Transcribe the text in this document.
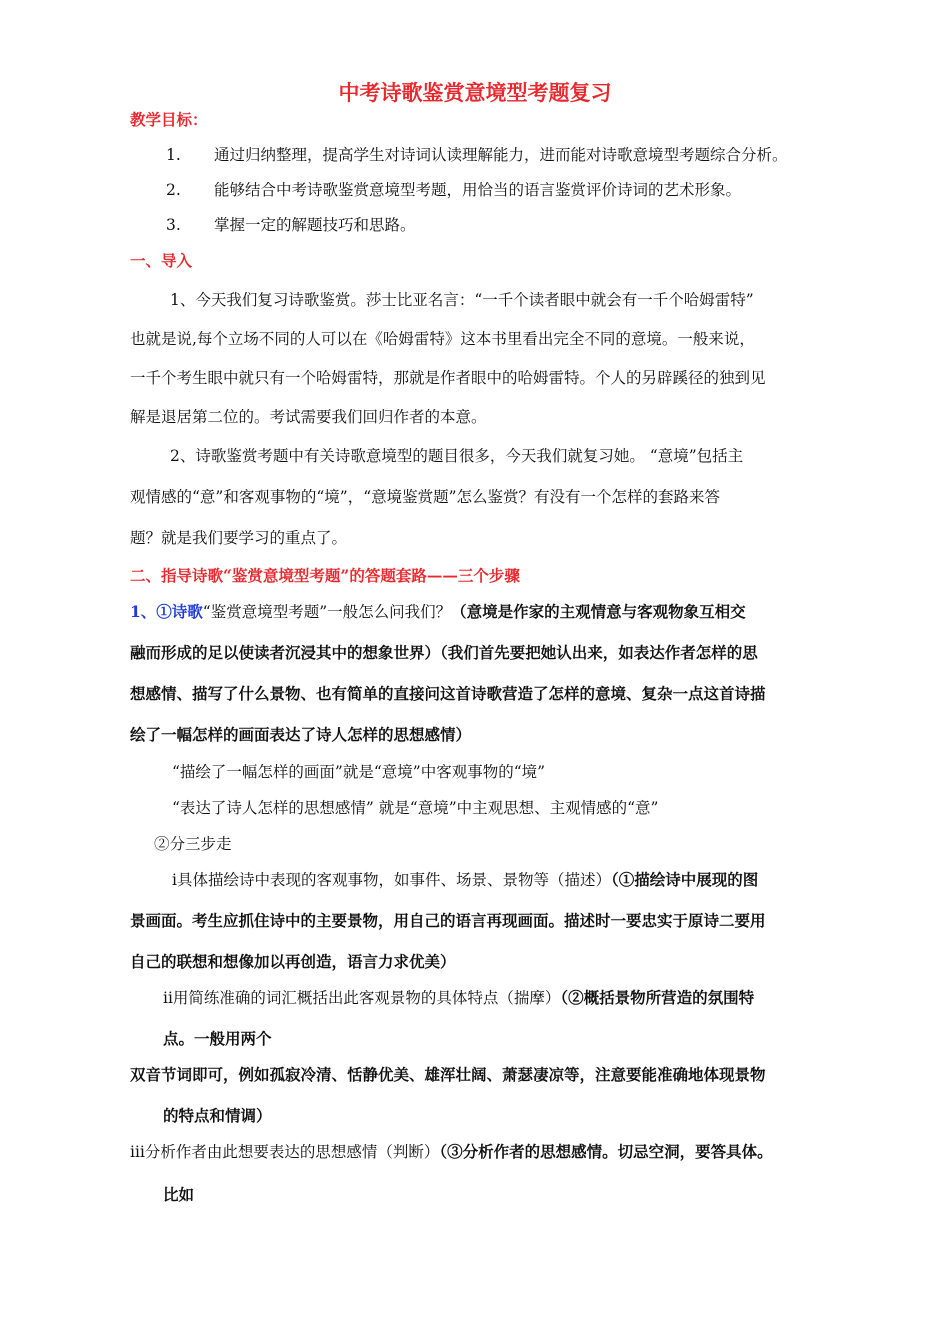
中考诗歌鉴赏意境型考题复习
教学目标：
1. 通过归纳整理，提高学生对诗词认读理解能力，进而能对诗歌意境型考题综合分析。
2. 能够结合中考诗歌鉴赏意境型考题，用恰当的语言鉴赏评价诗词的艺术形象。
3. 掌握一定的解题技巧和思路。
一、导入
1、今天我们复习诗歌鉴赏。莎士比亚名言：“一千个读者眼中就会有一千个哈姆雷特”
也就是说,每个立场不同的人可以在《哈姆雷特》这本书里看出完全不同的意境。一般来说，
一千个考生眼中就只有一个哈姆雷特，那就是作者眼中的哈姆雷特。个人的另辟蹊径的独到见
解是退居第二位的。考试需要我们回归作者的本意。
2、诗歌鉴赏考题中有关诗歌意境型的题目很多，今天我们就复习她。 “意境”包括主
观情感的“意”和客观事物的“境”，“意境鉴赏题”怎么鉴赏？有没有一个怎样的套路来答
题？就是我们要学习的重点了。
二、指导诗歌“鉴赏意境型考题”的答题套路——三个步骤
1、①诗歌“鉴赏意境型考题”一般怎么问我们？（意境是作家的主观情意与客观物象互相交
融而形成的足以使读者沉浸其中的想象世界）（我们首先要把她认出来，如表达作者怎样的思
想感情、描写了什么景物、也有简单的直接问这首诗歌营造了怎样的意境、复杂一点这首诗描
绘了一幅怎样的画面表达了诗人怎样的思想感情）
“描绘了一幅怎样的画面”就是“意境”中客观事物的“境”
“表达了诗人怎样的思想感情” 就是“意境”中主观思想、主观情感的“意”
②分三步走
ⅰ具体描绘诗中表现的客观事物，如事件、场景、景物等（描述）（①描绘诗中展现的图
景画面。考生应抓住诗中的主要景物，用自己的语言再现画面。描述时一要忠实于原诗二要用
自己的联想和想像加以再创造，语言力求优美）
ⅱ用简练准确的词汇概括出此客观景物的具体特点（揣摩）（②概括景物所营造的氛围特
点。一般用两个
双音节词即可，例如孤寂冷清、恬静优美、雄浑壮阔、萧瑟凄凉等，注意要能准确地体现景物
的特点和情调）
ⅲ分析作者由此想要表达的思想感情（判断）（③分析作者的思想感情。切忌空洞，要答具体。
比如
